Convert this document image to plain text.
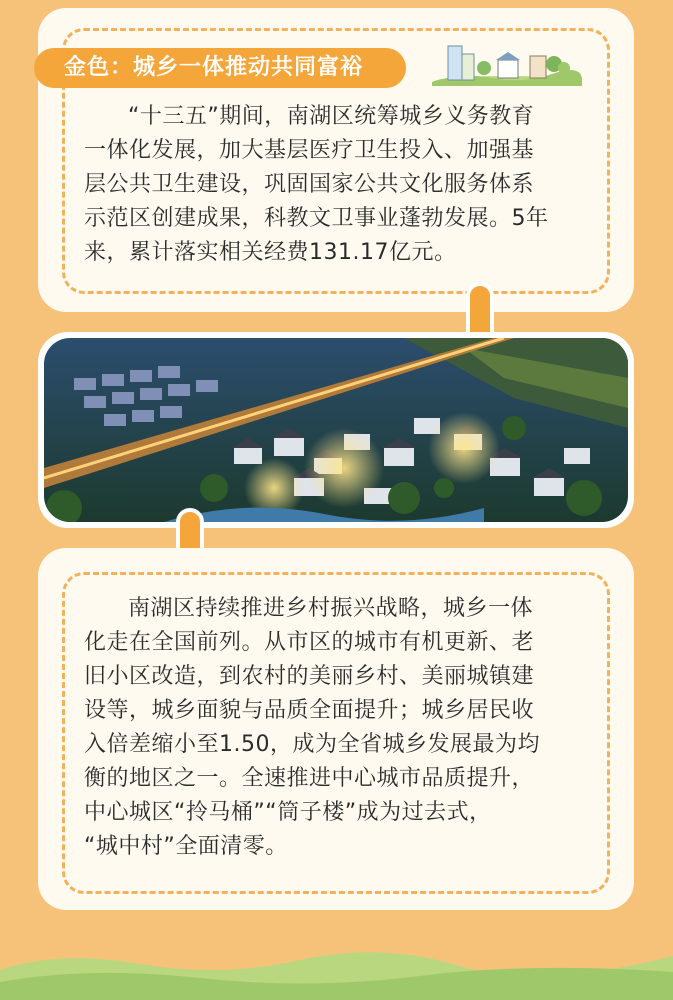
金色：城乡一体推动共同富裕

“十三五”期间，南湖区统筹城乡义务教育
一体化发展，加大基层医疗卫生投入、加强基
层公共卫生建设，巩固国家公共文化服务体系
示范区创建成果，科教文卫事业蓬勃发展。5年
来，累计落实相关经费131.17亿元。

南湖区持续推进乡村振兴战略，城乡一体
化走在全国前列。从市区的城市有机更新、老
旧小区改造，到农村的美丽乡村、美丽城镇建
设等，城乡面貌与品质全面提升；城乡居民收
入倍差缩小至1.50，成为全省城乡发展最为均
衡的地区之一。全速推进中心城市品质提升，
中心城区“拎马桶”“筒子楼”成为过去式，
“城中村”全面清零。
